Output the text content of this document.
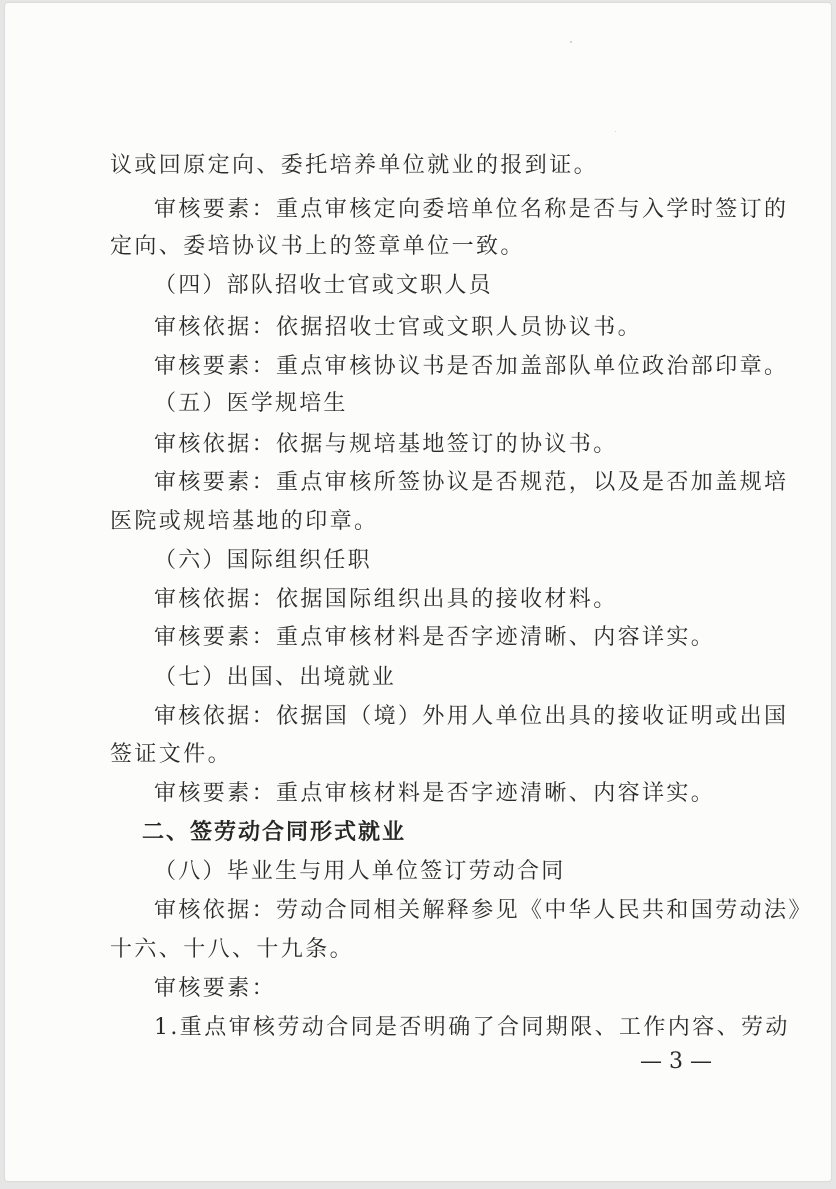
议或回原定向、委托培养单位就业的报到证。
审核要素：重点审核定向委培单位名称是否与入学时签订的
定向、委培协议书上的签章单位一致。
（四）部队招收士官或文职人员
审核依据：依据招收士官或文职人员协议书。
审核要素：重点审核协议书是否加盖部队单位政治部印章。
（五）医学规培生
审核依据：依据与规培基地签订的协议书。
审核要素：重点审核所签协议是否规范，以及是否加盖规培
医院或规培基地的印章。
（六）国际组织任职
审核依据：依据国际组织出具的接收材料。
审核要素：重点审核材料是否字迹清晰、内容详实。
（七）出国、出境就业
审核依据：依据国（境）外用人单位出具的接收证明或出国
签证文件。
审核要素：重点审核材料是否字迹清晰、内容详实。
二、签劳动合同形式就业
（八）毕业生与用人单位签订劳动合同
审核依据：劳动合同相关解释参见《中华人民共和国劳动法》
十六、十八、十九条。
审核要素：
1.重点审核劳动合同是否明确了合同期限、工作内容、劳动
— 3 —
